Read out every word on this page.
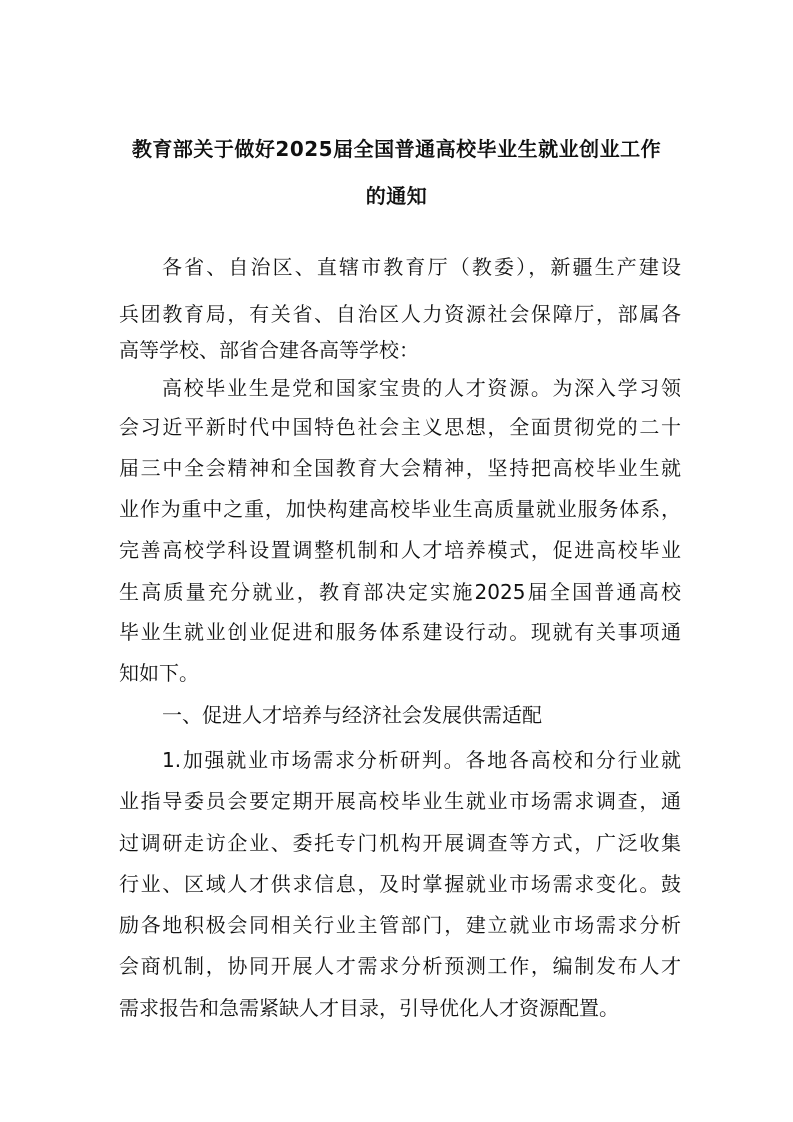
教育部关于做好2025届全国普通高校毕业生就业创业工作
的通知
各省、自治区、直辖市教育厅（教委），新疆生产建设
兵团教育局，有关省、自治区人力资源社会保障厅，部属各
高等学校、部省合建各高等学校：
高校毕业生是党和国家宝贵的人才资源。为深入学习领
会习近平新时代中国特色社会主义思想，全面贯彻党的二十
届三中全会精神和全国教育大会精神，坚持把高校毕业生就
业作为重中之重，加快构建高校毕业生高质量就业服务体系，
完善高校学科设置调整机制和人才培养模式，促进高校毕业
生高质量充分就业，教育部决定实施2025届全国普通高校
毕业生就业创业促进和服务体系建设行动。现就有关事项通
知如下。
一、促进人才培养与经济社会发展供需适配
1.加强就业市场需求分析研判。各地各高校和分行业就
业指导委员会要定期开展高校毕业生就业市场需求调查，通
过调研走访企业、委托专门机构开展调查等方式，广泛收集
行业、区域人才供求信息，及时掌握就业市场需求变化。鼓
励各地积极会同相关行业主管部门，建立就业市场需求分析
会商机制，协同开展人才需求分析预测工作，编制发布人才
需求报告和急需紧缺人才目录，引导优化人才资源配置。
